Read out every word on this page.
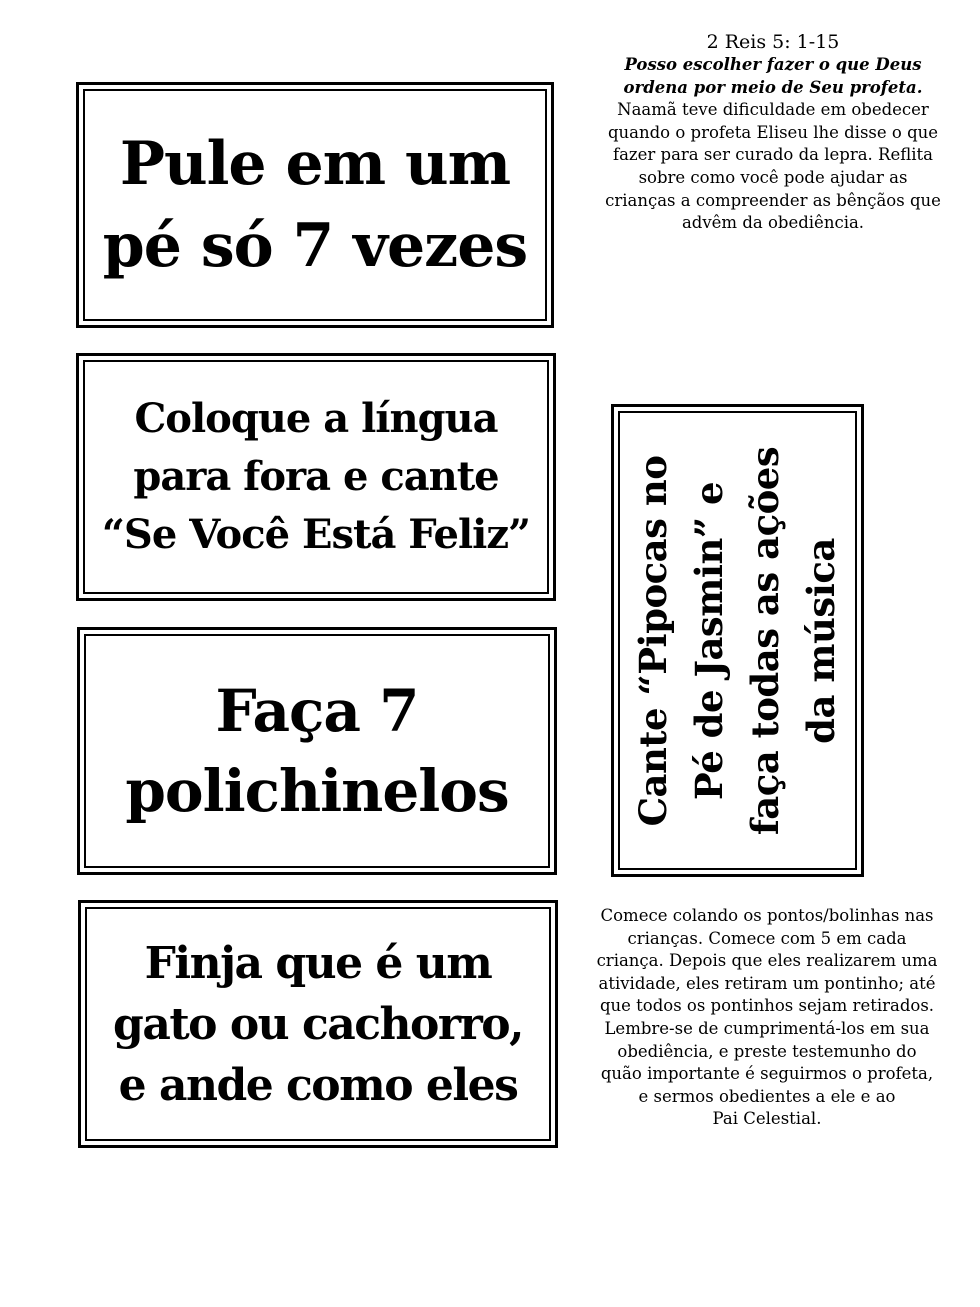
2 Reis 5: 1-15
Posso escolher fazer o que Deus
ordena por meio de Seu profeta.
Naamã teve dificuldade em obedecer
quando o profeta Eliseu lhe disse o que
fazer para ser curado da lepra. Reflita
sobre como você pode ajudar as
crianças a compreender as bênçãos que
advêm da obediência.
Pule em um
pé só 7 vezes
Coloque a língua
para fora e cante
“Se Você Está Feliz”
Faça 7
polichinelos
Finja que é um
gato ou cachorro,
e ande como eles
Cante “Pipocas no Pé de Jasmin” e faça todas as ações da música
Comece colando os pontos/bolinhas nas
crianças. Comece com 5 em cada
criança. Depois que eles realizarem uma
atividade, eles retiram um pontinho; até
que todos os pontinhos sejam retirados.
Lembre-se de cumprimentá-los em sua
obediência, e preste testemunho do
quão importante é seguirmos o profeta,
e sermos obedientes a ele e ao
Pai Celestial.
